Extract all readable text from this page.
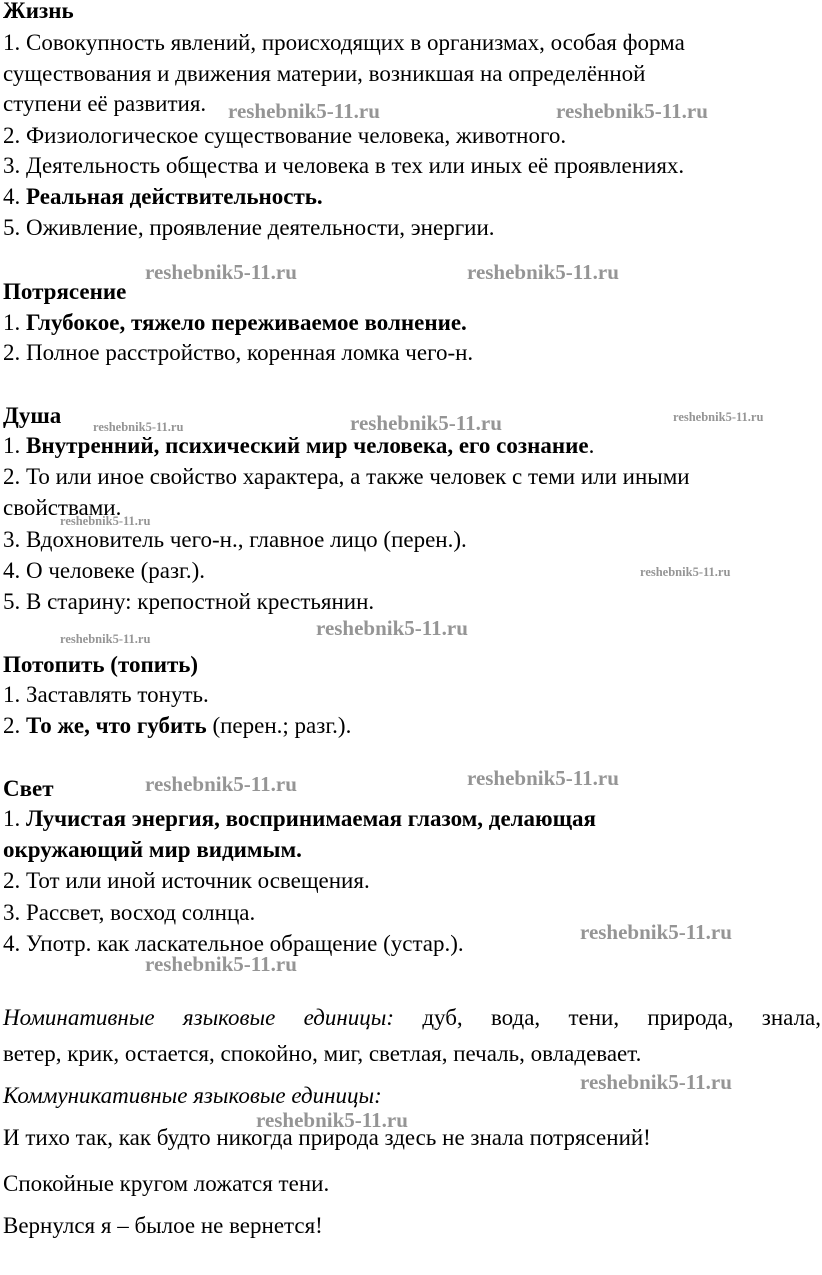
Жизнь
1. Совокупность явлений, происходящих в организмах, особая форма
существования и движения материи, возникшая на определённой
ступени её развития.
2. Физиологическое существование человека, животного.
3. Деятельность общества и человека в тех или иных её проявлениях.
4. Реальная действительность.
5. Оживление, проявление деятельности, энергии.
Потрясение
1. Глубокое, тяжело переживаемое волнение.
2. Полное расстройство, коренная ломка чего-н.
Душа
1. Внутренний, психический мир человека, его сознание.
2. То или иное свойство характера, а также человек с теми или иными
свойствами.
3. Вдохновитель чего-н., главное лицо (перен.).
4. О человеке (разг.).
5. В старину: крепостной крестьянин.
Потопить (топить)
1. Заставлять тонуть.
2. То же, что губить (перен.; разг.).
Свет
1. Лучистая энергия, воспринимаемая глазом, делающая
окружающий мир видимым.
2. Тот или иной источник освещения.
3. Рассвет, восход солнца.
4. Употр. как ласкательное обращение (устар.).
Номинативные языковые единицы: дуб, вода, тени, природа, знала,
ветер, крик, остается, спокойно, миг, светлая, печаль, овладевает.
Коммуникативные языковые единицы:
И тихо так, как будто никогда природа здесь не знала потрясений!
Спокойные кругом ложатся тени.
Вернулся я – былое не вернется!
reshebnik5-11.ru	reshebnik5-11.ru
reshebnik5-11.ru	reshebnik5-11.ru
reshebnik5-11.ru	reshebnik5-11.ru	reshebnik5-11.ru
reshebnik5-11.ru
reshebnik5-11.ru
reshebnik5-11.ru	reshebnik5-11.ru
reshebnik5-11.ru	reshebnik5-11.ru
reshebnik5-11.ru
reshebnik5-11.ru
reshebnik5-11.ru
reshebnik5-11.ru
